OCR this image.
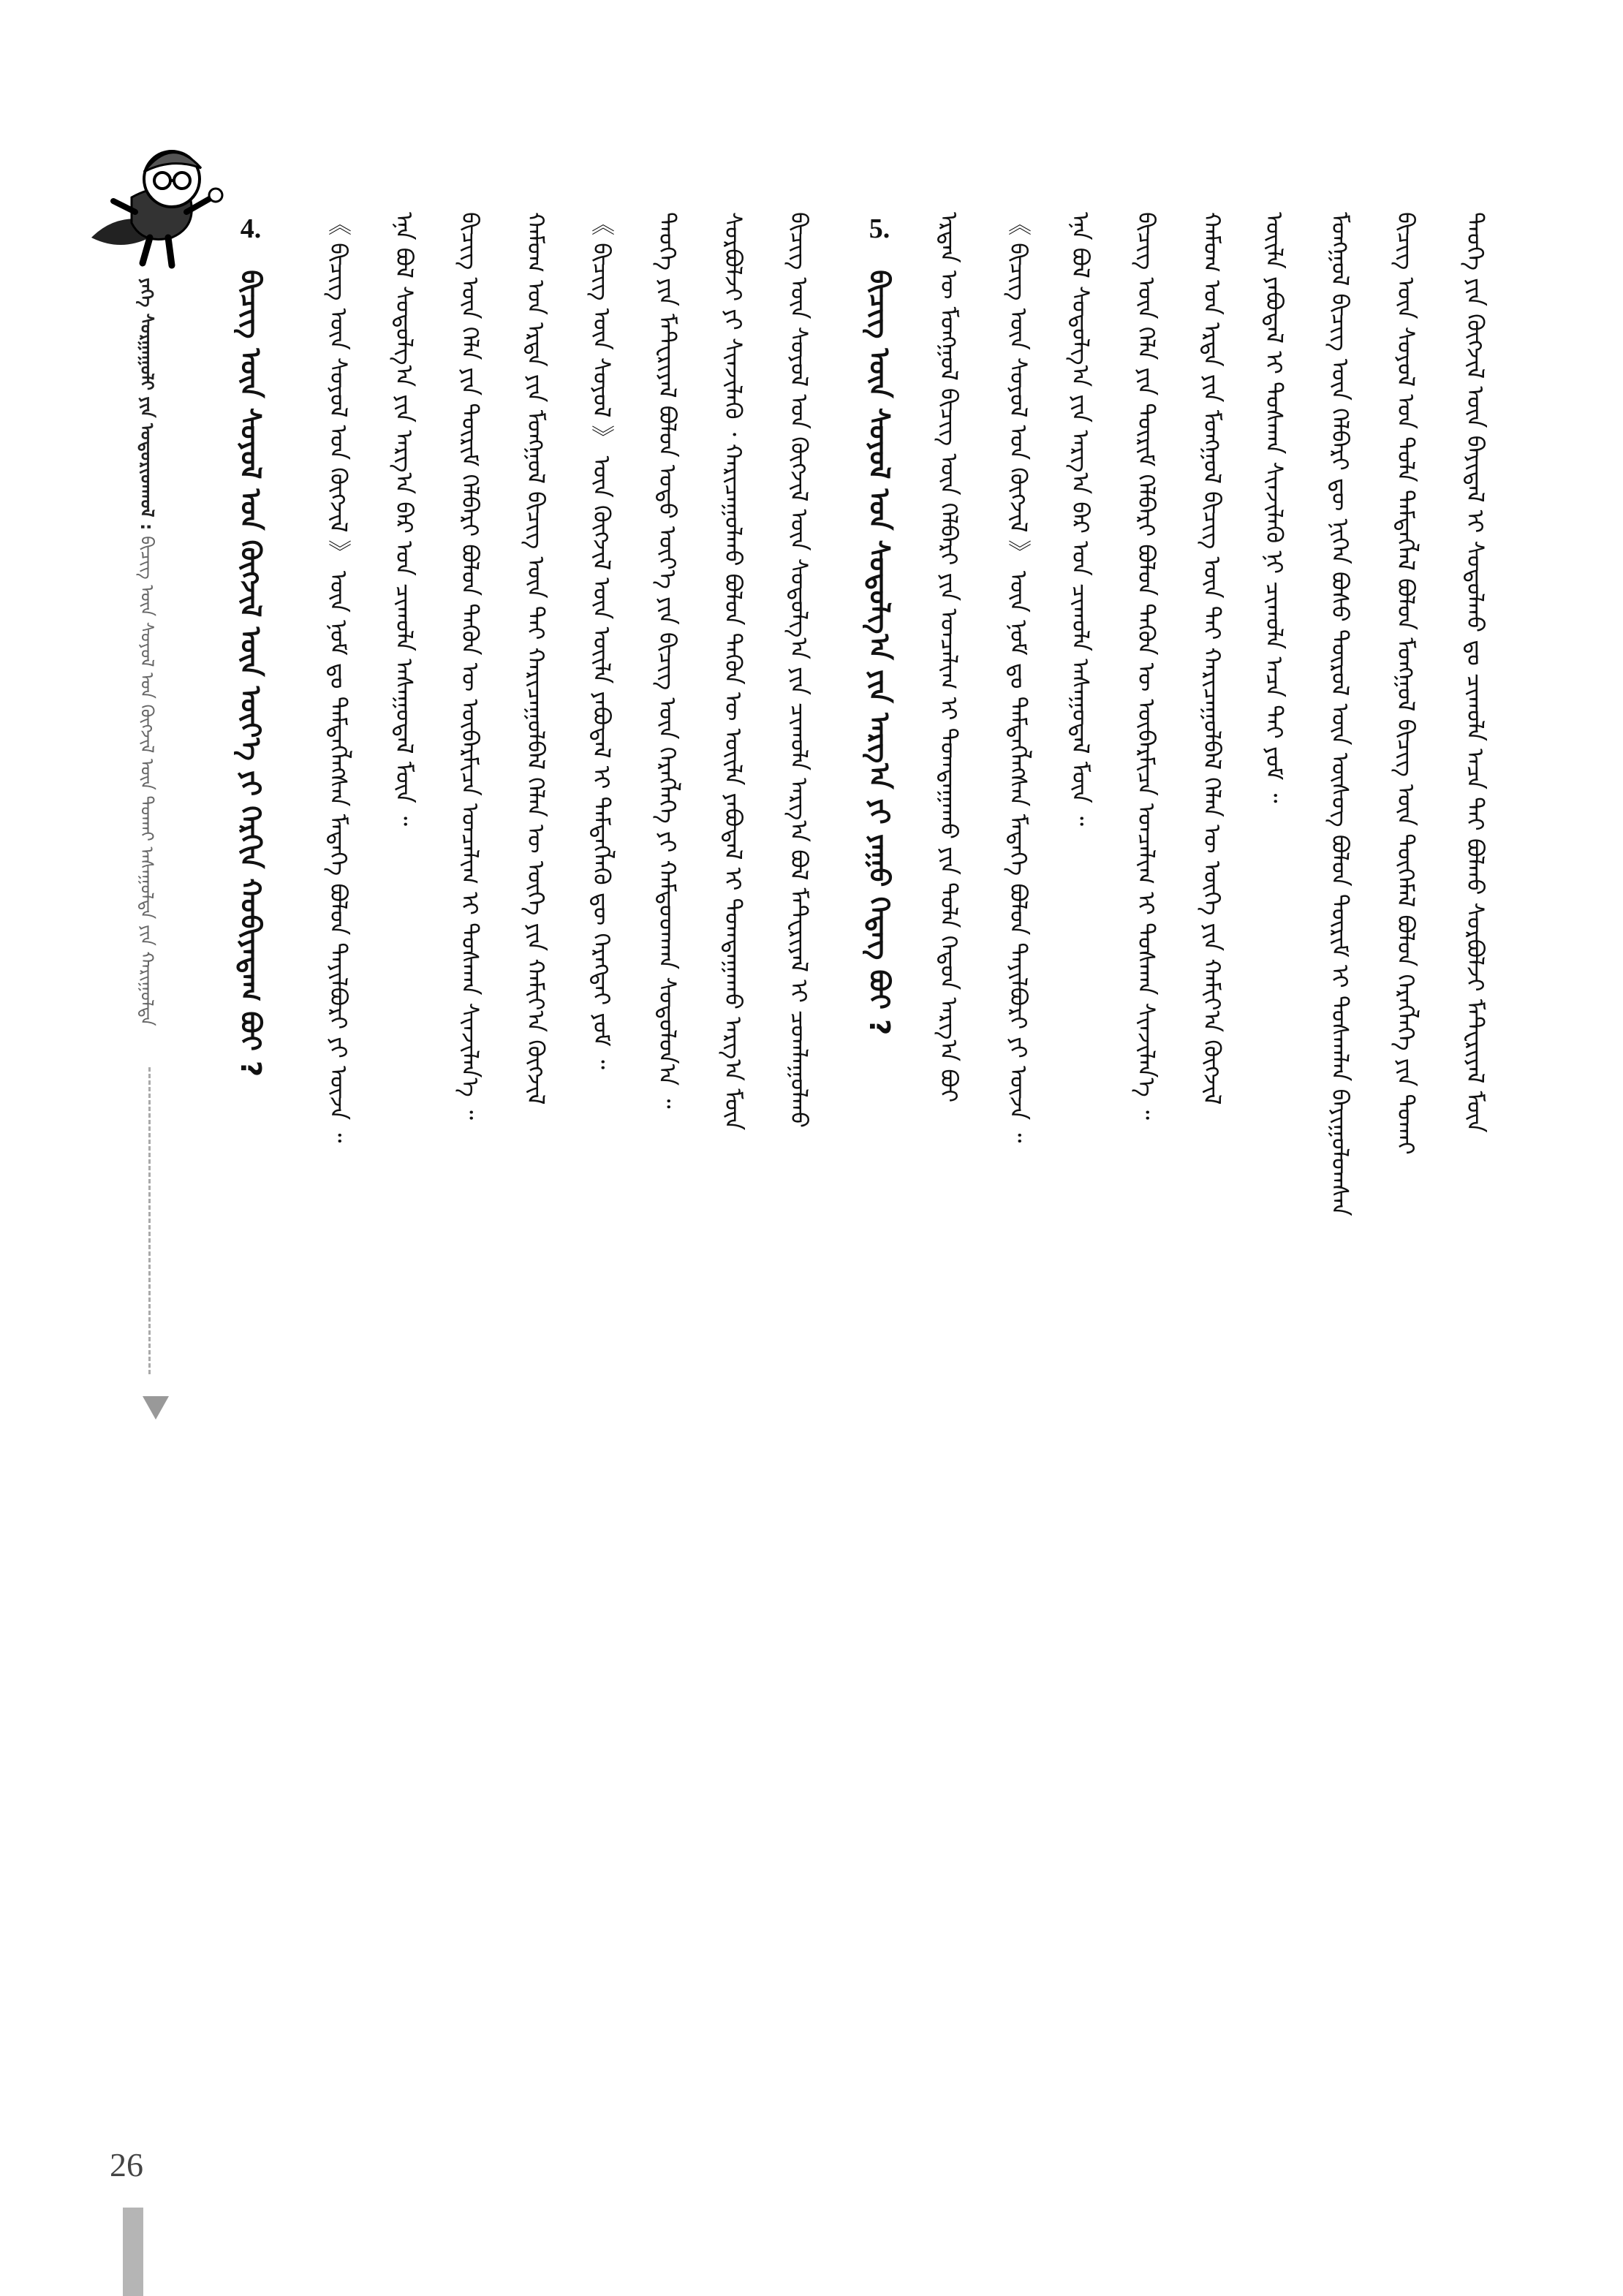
ᠲᠡᠤᠬᠡ ᠶᠢᠨ ᠬᠥᠭᠵᠢᠯ ᠦᠨ ᠪᠠᠶᠢᠳᠠᠯ ᠢ ᠰᠤᠳᠤᠯᠬᠤ ᠳᠤ ᠴᠢᠬᠤᠯᠠ ᠠᠴᠠ ᠲᠠᠢ ᠪᠣᠯᠬᠤ ᠰᠤᠷᠪᠤᠯᠵᠢ ᠮᠠᠲᠧᠷᠢᠶᠠᠯ ᠮᠥᠨ
ᠪᠢᠴᠢᠭ ᠦᠨ ᠰᠤᠶᠤᠯ ᠤᠨ ᠲᠤᠯᠠ ᠲᠡᠮᠳᠡᠭᠯᠡᠯ ᠪᠣᠯᠤᠨ ᠮᠣᠩᠭᠣᠯ ᠪᠢᠴᠢᠭ ᠦᠨ ᠲᠦᠭᠡᠮᠡᠯ ᠪᠣᠯᠤᠨ ᠬᠡᠷᠡᠭᠯᠡᠭᠡ ᠶᠢᠨ ᠲᠤᠬᠠᠢ
ᠮᠣᠩᠭᠣᠯ ᠪᠢᠴᠢᠭ ᠦᠨ ᠬᠡᠯᠪᠡᠷᠢ ᠳᠦ ᠨᠢᠭᠡᠨ ᠪᠤᠰᠤ ᠲᠥᠷᠥᠯ ᠦᠨ ᠦᠰᠦᠭ ᠪᠣᠯᠤᠨ ᠳᠦᠷᠢᠮ ᠢ ᠲᠤᠰᠬᠠᠯᠠᠨ ᠪᠠᠶᠢᠭᠤᠯᠤᠭᠰᠠᠨ
ᠦᠢᠯᠡ ᠶᠠᠪᠤᠳᠠᠯ ᠢ ᠲᠤᠰᠬᠠᠨ ᠰᠢᠨᠵᠢᠯᠡᠬᠦ ᠨᠢ ᠴᠢᠬᠤᠯᠠ ᠠᠴᠠ ᠲᠠᠢ ᠶᠤᠮ ᠃
ᠬᠠᠮᠤᠭ ᠤᠨ ᠡᠷᠲᠡ ᠶᠢᠨ ᠮᠣᠩᠭᠣᠯ ᠪᠢᠴᠢᠭ ᠦᠨ ᠲᠠᠢ ᠬᠠᠷᠢᠴᠠᠭᠤᠯᠪᠠᠯ ᠬᠡᠯᠡᠨ ᠦ ᠦᠭᠡ ᠶᠢᠨ ᠬᠠᠮᠢᠶ᠎ᠠ ᠬᠥᠭᠵᠢᠯ
ᠪᠢᠴᠢᠭ ᠦᠨ ᠬᠡᠯᠡ ᠶᠢᠨ ᠳᠦᠷᠢᠮ ᠬᠡᠯᠪᠡᠷᠢ ᠪᠣᠯᠤᠨ ᠲᠡᠭᠦᠨ ᠦ ᠥᠪᠡᠷᠮᠢᠴᠡ ᠣᠨᠴᠠᠯᠢᠭ ᠢ ᠲᠤᠰᠬᠠᠨ ᠰᠢᠨᠵᠢᠯᠡᠨ᠎ᠡ ᠃
ᠡᠨᠡ ᠪᠣᠯ ᠰᠤᠳᠤᠯᠭ᠎ᠠ ᠶᠢᠨ ᠠᠷᠭ᠎ᠠ ᠪᠠᠷ ᠤᠨ ᠴᠢᠬᠤᠯᠠ ᠠᠰᠠᠭᠤᠳᠠᠯ ᠮᠥᠨ ᠃
《 ᠪᠢᠴᠢᠭ ᠦᠨ ᠰᠤᠶᠤᠯ ᠤᠨ ᠬᠥᠭᠵᠢᠯ 》 ᠦᠨ ᠨᠣᠮ ᠳᠤ ᠲᠡᠮᠳᠡᠭᠯᠡᠭᠰᠡᠨ ᠮᠡᠳᠡᠭᠡ ᠪᠣᠯᠤᠨ ᠲᠠᠶᠢᠯᠪᠤᠷᠢ ᠶᠢ ᠦᠵᠡ ᠃
ᠡᠷᠲᠡᠨ ᠦ ᠮᠣᠩᠭᠣᠯ ᠪᠢᠴᠢᠭ ᠦᠨ ᠬᠡᠯᠪᠡᠷᠢ ᠶᠢᠨ ᠣᠨᠴᠠᠯᠢᠭ ᠢ ᠲᠣᠭᠲᠠᠭᠠᠬᠤ ᠶᠢᠨ ᠲᠤᠯᠠ ᠬᠡᠳᠦᠨ ᠠᠷᠭ᠎ᠠ ᠪᠤᠢ
5. ᠪᠢᠴᠢᠭ ᠦᠨ ᠰᠤᠶᠤᠯ ᠤᠨ ᠰᠤᠳᠤᠯᠭ᠎ᠠ ᠶᠢᠨ ᠠᠷᠭ᠎ᠠ ᠶᠢ ᠶᠠᠭᠤ ᠭᠡᠳᠡᠭ ᠪᠤᠢ ?
ᠪᠢᠴᠢᠭ ᠦᠨ ᠰᠤᠶᠤᠯ ᠤᠨ ᠬᠥᠭᠵᠢᠯ ᠦᠨ ᠰᠤᠳᠤᠯᠭ᠎ᠠ ᠶᠢᠨ ᠴᠢᠬᠤᠯᠠ ᠠᠷᠭ᠎ᠠ ᠪᠣᠯ ᠮᠠᠲᠧᠷᠢᠶᠠᠯ ᠢ ᠴᠤᠭᠯᠠᠭᠤᠯᠬᠤ
ᠰᠤᠷᠪᠤᠯᠵᠢ ᠶᠢ ᠰᠢᠨᠵᠢᠯᠡᠬᠦ ᠂ ᠬᠠᠷᠢᠴᠠᠭᠤᠯᠬᠤ ᠪᠣᠯᠤᠨ ᠲᠡᠭᠦᠨ ᠦ ᠦᠢᠯᠡ ᠶᠠᠪᠤᠳᠠᠯ ᠢ ᠲᠣᠭᠲᠠᠭᠠᠬᠤ ᠠᠷᠭ᠎ᠠ ᠮᠥᠨ
ᠲᠡᠦᠬᠡ ᠶᠢᠨ ᠮᠠᠲᠧᠷᠢᠶᠠᠯ ᠪᠣᠯᠤᠨ ᠣᠳᠣ ᠦᠶ᠎ᠡ ᠶᠢᠨ ᠪᠢᠴᠢᠭ ᠦᠨ ᠬᠡᠷᠡᠭᠯᠡᠭᠡ ᠶᠢ ᠬᠠᠮᠲᠤᠳᠬᠠᠨ ᠰᠤᠳᠤᠯᠤᠨ᠎ᠠ ᠃
《 ᠪᠢᠴᠢᠭ ᠦᠨ ᠰᠤᠶᠤᠯ 》 ᠦᠨ ᠬᠥᠭᠵᠢᠯ ᠦᠨ ᠦᠢᠯᠡ ᠶᠠᠪᠤᠳᠠᠯ ᠢ ᠲᠡᠮᠳᠡᠭᠯᠡᠬᠦ ᠳᠦ ᠬᠡᠷᠡᠭᠲᠡᠢ ᠶᠤᠮ ᠃
ᠬᠠᠮᠤᠭ ᠤᠨ ᠡᠷᠲᠡ ᠶᠢᠨ ᠮᠣᠩᠭᠣᠯ ᠪᠢᠴᠢᠭ ᠦᠨ ᠲᠠᠢ ᠬᠠᠷᠢᠴᠠᠭᠤᠯᠪᠠᠯ ᠬᠡᠯᠡᠨ ᠦ ᠦᠭᠡ ᠶᠢᠨ ᠬᠠᠮᠢᠶ᠎ᠠ ᠬᠥᠭᠵᠢᠯ
ᠪᠢᠴᠢᠭ ᠦᠨ ᠬᠡᠯᠡ ᠶᠢᠨ ᠳᠦᠷᠢᠮ ᠬᠡᠯᠪᠡᠷᠢ ᠪᠣᠯᠤᠨ ᠲᠡᠭᠦᠨ ᠦ ᠥᠪᠡᠷᠮᠢᠴᠡ ᠣᠨᠴᠠᠯᠢᠭ ᠢ ᠲᠤᠰᠬᠠᠨ ᠰᠢᠨᠵᠢᠯᠡᠨ᠎ᠡ ᠃
ᠡᠨᠡ ᠪᠣᠯ ᠰᠤᠳᠤᠯᠭ᠎ᠠ ᠶᠢᠨ ᠠᠷᠭ᠎ᠠ ᠪᠠᠷ ᠤᠨ ᠴᠢᠬᠤᠯᠠ ᠠᠰᠠᠭᠤᠳᠠᠯ ᠮᠥᠨ ᠃
《 ᠪᠢᠴᠢᠭ ᠦᠨ ᠰᠤᠶᠤᠯ ᠤᠨ ᠬᠥᠭᠵᠢᠯ 》 ᠦᠨ ᠨᠣᠮ ᠳᠤ ᠲᠡᠮᠳᠡᠭᠯᠡᠭᠰᠡᠨ ᠮᠡᠳᠡᠭᠡ ᠪᠣᠯᠤᠨ ᠲᠠᠶᠢᠯᠪᠤᠷᠢ ᠶᠢ ᠦᠵᠡ ᠃
4. ᠪᠢᠴᠢᠭ ᠦᠨ ᠰᠤᠶᠤᠯ ᠤᠨ ᠬᠥᠭᠵᠢᠯ ᠦᠨ ᠦᠶ᠎ᠡ ᠶᠢ ᠬᠡᠷᠬᠢᠨ ᠬᠤᠪᠢᠶᠠᠳᠠᠭ ᠪᠤᠢ ?
ᠶᠡᠬᠡ ᠰᠤᠷᠭᠠᠭᠤᠯᠢ ᠶᠢᠨ ᠤᠳᠤᠷᠢᠳᠬᠤᠯ : ᠪᠢᠴᠢᠭ ᠦᠨ ᠰᠤᠶᠤᠯ ᠤᠨ ᠬᠥᠭᠵᠢᠯ ᠦᠨ ᠲᠤᠬᠠᠢ ᠠᠰᠠᠭᠤᠯᠲᠠ ᠶᠢᠨ ᠬᠠᠷᠢᠭᠤᠯᠲᠠ
26
